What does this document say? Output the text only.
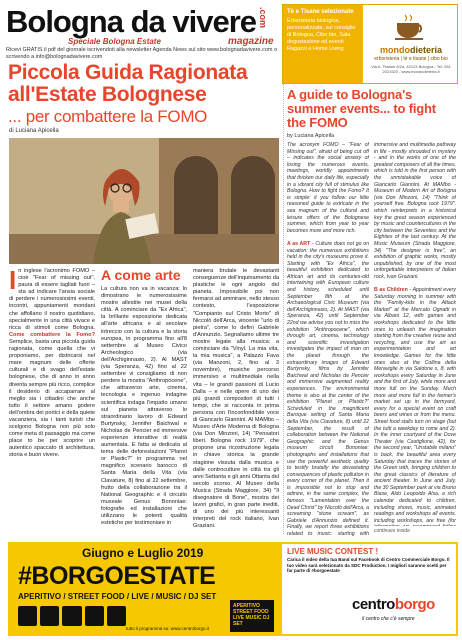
Bologna da vivere .com
Speciale Bologna Estate	magazine
Ricevi GRATIS il pdf del giornale iscrivendoti alla newsletter Agenda News sul sito www.bolognadavivere.com o scrivendo a info@bolognadavivere.com
Tè e Tisane selezionate
Erboristeria biologica, personalizzata, sul consiglio di Bologna, Cibo bio, Sala degustazione ed eventi Ragazzi e Home Living	mondodieteria
erboristeria | tè e tisane | cibo bio
Via A. Testoni 5/2a, 40123 Bologna - Tel. 051 2021520 - www.mondodieteria.it
Piccola Guida Ragionata all'Estate Bolognese
... per combattere la FOMO
di Luciana Apicella
In inglese l'acronimo FOMO – cioè "Fear of missing out", paura di essere tagliati fuori – sta ad indicare l'ansia sociale di perdere i numerosissimi eventi, incontri, appuntamenti mondani che affollano il nostro quotidiano, specialmente in una città vivace e ricca di stimoli come Bologna. Come combattere la Fomo? Semplice, basta una piccola guida ragionata, come quella che vi proponiamo, per districarsi nel mare magnum delle offerte culturali e di svago dell'estate bolognese, che di anno in anno diventa sempre più ricco, complice il desiderio di accaparrare al meglio sia i cittadini che anche tutto il settore amano godere dell'ombra dei portici e della quiete vacanziera, sia i tanti turisti che scelgono Bologna non più solo come meta di passaggio ma come place to be per scoprire un autentico spaccato di architettura, storia e buon vivere.
A come arte
La cultura non va in vacanza: lo dimostrano le numerosissime mostre allestite nei musei della città. A cominciare da "Ex Africa", la brillante esposizione dedicata all'arte africana e al secolare intreccio con la cultura e la storia europea, in programma fino all'8 settembre al Museo Civico Archeologico (via dell'Archiginnasio, 2). Al MAST (via Speranza, 42) fino al 22 settembre vi consigliamo di non perdere la mostra "Anthropocene", che attraverso arte, cinema, tecnologia e ingenuo indagine scientifica indaga l'impatto umano sul pianeta attraverso lo straordinario lavoro di Edward Burtynsky, Jennifer Baichwal e Nicholas de Pencier ed immersive esperienze interattive di realtà aumentata. E fatta ai dedicata al tema delle deforestazioni "Planet or Plastic?" in programma nel magnifico scenario barocco di Santa Maria della Vita (via Clavature, 8) fino al 22 settembre, frutto della collaborazione tra il National Geographic e il circuito museale Genus Bononiae: fotografie ed installazioni che utilizzano le potenti qualità estetiche per testimoniare in
maniera brutale le devastanti conseguenze dell'inquinamento da plastiche le ogni angolo del pianeta. Impossibile poi non fermarsi ad ammirare, nello stesso contesto, l'esposizione "Compianto sul Cristo Morto" di Niccolò dell'Arca, vincente "urlo di pietra", come lo definì Gabriele d'Annunzio. Segnaliamo ultime tre mostre legate alla musica: a cominciare da "Vinyl. La mia vita, la mia musica", a Palazzo Fava (via Manzoni, 2, fino al 3 novembre), musiche percorso immersivo e multimediale nella vita – le grandi passioni di Lucio Dalla – e nelle opere di uno dei più grandi compositori di tutti i tempi, che si racconta in prima persona con l'inconfondibile voce di Giancarlo Giannini. Al MAMbo – Museo d'Arte Moderna di Bologna (via Don Minzoni, 14) "Pensatori liberi. Bologna rock 1979", che propone una ricostruzione legata in chiave storica la grande stagione vissuta dalla musica e dalle controculture in città tra gli anni Settanta e gli anni Ottanta del secolo scorso. Al Museo della Musica (Strada Maggiore, 34) "Il disegnatore di Bone", mostra dei lavori grafici, in gran parte inediti, di uno dei più interessanti interpreti del rock italiano, Ivan Graziani.
A guide to Bologna's summer events... to fight the FOMO
by Luciana Apicella
The acronym FOMO – "Fear of Missing out", afraid of being cut off – indicates the social anxiety of losing the numerous events, meetings, worldly appointments that thicken our daily life, especially in a vibrant city full of stimulus like Bologna. How to fight the Fomo? It is simple: it you follow our little reasoned guide to extricate in the sea magnum of the cultural and leisure offers of the Bolognese summer, which from year to year becomes more and more rich.

A as ART - Culture does not go on vacation: the numerous exhibitions held in the city's museums prove it. Starting with "Ex Africa", the beautiful exhibition dedicated to African art and its centuries-old intertwining with European culture and history, scheduled until September 8th at the Archaeological Civic Museum (via dell'Archiginnasio, 2). At MAST (via Speranza, 42) until September 22nd we advise you not to miss the exhibition "Anthropocene", which through art, cinema, technology and scientific investigation investigates the impact of man on the planet through the extraordinary images of Edward Burtynsky, films by Jennifer Baichwal and Nicholas de Pencier and immersive augmented reality experiences. The environmental theme is also at the center of the exhibition "Planet or Plastic?" Scheduled in the magnificent Baroque setting of Santa Maria della Vita (via Clavature, 8) until 22 September, the result of collaboration between the National Geographic and the Genus museum circuit Bononiae: photographs and installations that use the powerful aesthetic quality to testify brutally the devastating consequences of plastic pollution in every corner of the planet. Then it is impossible not to stop and admire, in the same complex, the famous "Lamentation over the Dead Christ" by Niccolò dell'Arca, a screaming "stone scream", as Gabriele d'Annunzio defined it. Finally, we report three exhibitions related to music: starting with
immersive and multimedia pathway in life - mostly shrouded in mystery - and in the works of one of the greatest composers of all the times, which is told in the first person with the unmistakable voice of Giancarlo Giannini. At MAMbo - Museum of Modern Art of Bologna (via Don Minzoni, 14) "Think of yourself free. Bologna rock 1979", which reinterprets in a historical key the great season experienced by music and countercultures in the city between the Seventies and the Eighties of the last century. At the Music Museum (Strada Maggiore, 34) "The designer is free", an exhibition of graphic works, mostly unpublished, by one of the most unforgettable interpreters of Italian rock, Ivan Graziani.

B as Children - Appointment every Saturday morning in summer with the "Family-kids in the Attack Market" at the Mercato Ognatti in via Albani 12, with games and workshops dedicated to the little ones to unleash the imagination starting from the creative reuse and recycling, and use the art as experimentation and art knowledge. Games for the little ones also at the Collina della Meraviglie in via Saldone s, 8, with workshops every Saturday in June and the first of July, while more and more full on the Sunday. Much more and more full in the farmer's market set up in the farmyard, every for a special event on craft beers and wines or from the menu. Street food stalls turn on stage (but the tutti a weekday to rome and 2). In the inner courtyard of the Dove Theater (via Castiglione, 42), for the second year, "Unstabile milano" is back, the beautiful area every Saturday that traces the stories of the Green with, bringing children to the great classics of literature of ancient theater. In June and July, the 30 September park at via Bruno Biase, Aldo Leopoldo Alsa, a rich calendar dedicated to children, including shows, music, animated readings and workshops all events, including workshops, are free (for
continues inside
Giugno e Luglio 2019
#BORGOESTATE
APERITIVO / STREET FOOD / LIVE / MUSIC / DJ SET
tutto il programma su: www.centroborgo.it
APERITIVO STREET FOOD LIVE MUSIC DJ SET
LIVE MUSIC CONTEST !
Carica il video della tua Band sul Facebook di Centro Commerciale Borgo. Il tuo video sarà selezionato da SDC Production. I migliori saranno scelti per far parte di #borgoestate
centroborgo
il centro che c'è sempre
